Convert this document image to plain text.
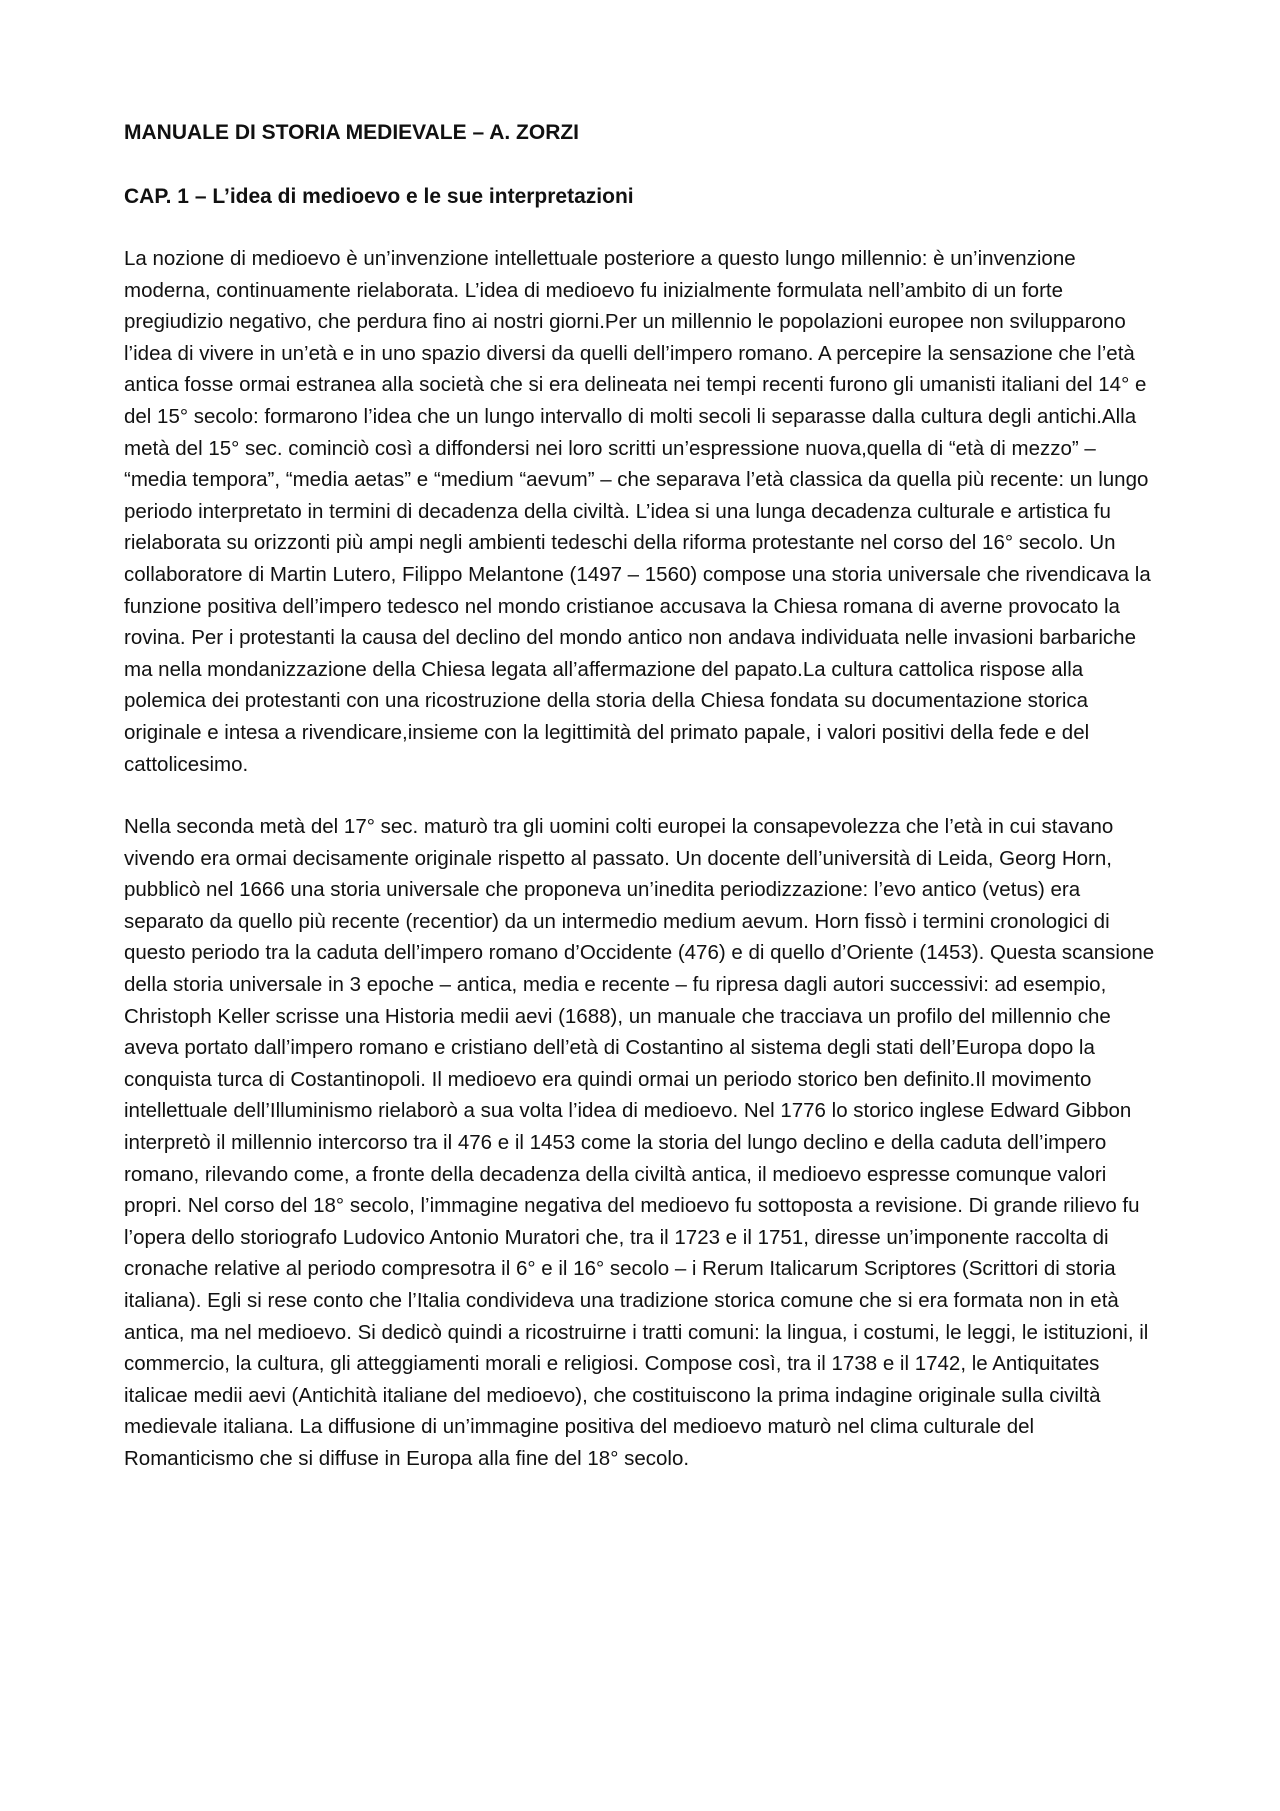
MANUALE DI STORIA MEDIEVALE – A. ZORZI
CAP. 1 – L’idea di medioevo e le sue interpretazioni

La nozione di medioevo è un’invenzione intellettuale posteriore a questo lungo millennio: è un’invenzione moderna, continuamente rielaborata. L’idea di medioevo fu inizialmente formulata nell’ambito di un forte pregiudizio negativo, che perdura fino ai nostri giorni.Per un millennio le popolazioni europee non svilupparono l’idea di vivere in un’età e in uno spazio diversi da quelli dell’impero romano. A percepire la sensazione che l’età antica fosse ormai estranea alla società che si era delineata nei tempi recenti furono gli umanisti italiani del 14° e del 15° secolo: formarono l’idea che un lungo intervallo di molti secoli li separasse dalla cultura degli antichi.Alla metà del 15° sec. cominciò così a diffondersi nei loro scritti un’espressione nuova,quella di “età di mezzo” – “media tempora”, “media aetas” e “medium “aevum” – che separava l’età classica da quella più recente: un lungo periodo interpretato in termini di decadenza della civiltà. L’idea si una lunga decadenza culturale e artistica fu rielaborata su orizzonti più ampi negli ambienti tedeschi della riforma protestante nel corso del 16° secolo. Un collaboratore di Martin Lutero, Filippo Melantone (1497 – 1560) compose una storia universale che rivendicava la funzione positiva dell’impero tedesco nel mondo cristianoe accusava la Chiesa romana di averne provocato la rovina. Per i protestanti la causa del declino del mondo antico non andava individuata nelle invasioni barbariche ma nella mondanizzazione della Chiesa legata all’affermazione del papato.La cultura cattolica rispose alla polemica dei protestanti con una ricostruzione della storia della Chiesa fondata su documentazione storica originale e intesa a rivendicare,insieme con la legittimità del primato papale, i valori positivi della fede e del cattolicesimo.

Nella seconda metà del 17° sec. maturò tra gli uomini colti europei la consapevolezza che l’età in cui stavano vivendo era ormai decisamente originale rispetto al passato. Un docente dell’università di Leida, Georg Horn, pubblicò nel 1666 una storia universale che proponeva un’inedita periodizzazione: l’evo antico (vetus) era separato da quello più recente (recentior) da un intermedio medium aevum. Horn fissò i termini cronologici di questo periodo tra la caduta dell’impero romano d’Occidente (476) e di quello d’Oriente (1453). Questa scansione della storia universale in 3 epoche – antica, media e recente – fu ripresa dagli autori successivi: ad esempio, Christoph Keller scrisse una Historia medii aevi (1688), un manuale che tracciava un profilo del millennio che aveva portato dall’impero romano e cristiano dell’età di Costantino al sistema degli stati dell’Europa dopo la conquista turca di Costantinopoli. Il medioevo era quindi ormai un periodo storico ben definito.Il movimento intellettuale dell’Illuminismo rielaborò a sua volta l’idea di medioevo. Nel 1776 lo storico inglese Edward Gibbon interpretò il millennio intercorso tra il 476 e il 1453 come la storia del lungo declino e della caduta dell’impero romano, rilevando come, a fronte della decadenza della civiltà antica, il medioevo espresse comunque valori propri. Nel corso del 18° secolo, l’immagine negativa del medioevo fu sottoposta a revisione. Di grande rilievo fu l’opera dello storiografo Ludovico Antonio Muratori che, tra il 1723 e il 1751, diresse un’imponente raccolta di cronache relative al periodo compresotra il 6° e il 16° secolo – i Rerum Italicarum Scriptores (Scrittori di storia italiana). Egli si rese conto che l’Italia condivideva una tradizione storica comune che si era formata non in età antica, ma nel medioevo. Si dedicò quindi a ricostruirne i tratti comuni: la lingua, i costumi, le leggi, le istituzioni, il commercio, la cultura, gli atteggiamenti morali e religiosi. Compose così, tra il 1738 e il 1742, le Antiquitates italicae medii aevi (Antichità italiane del medioevo), che costituiscono la prima indagine originale sulla civiltà medievale italiana. La diffusione di un’immagine positiva del medioevo maturò nel clima culturale del Romanticismo che si diffuse in Europa alla fine del 18° secolo.
